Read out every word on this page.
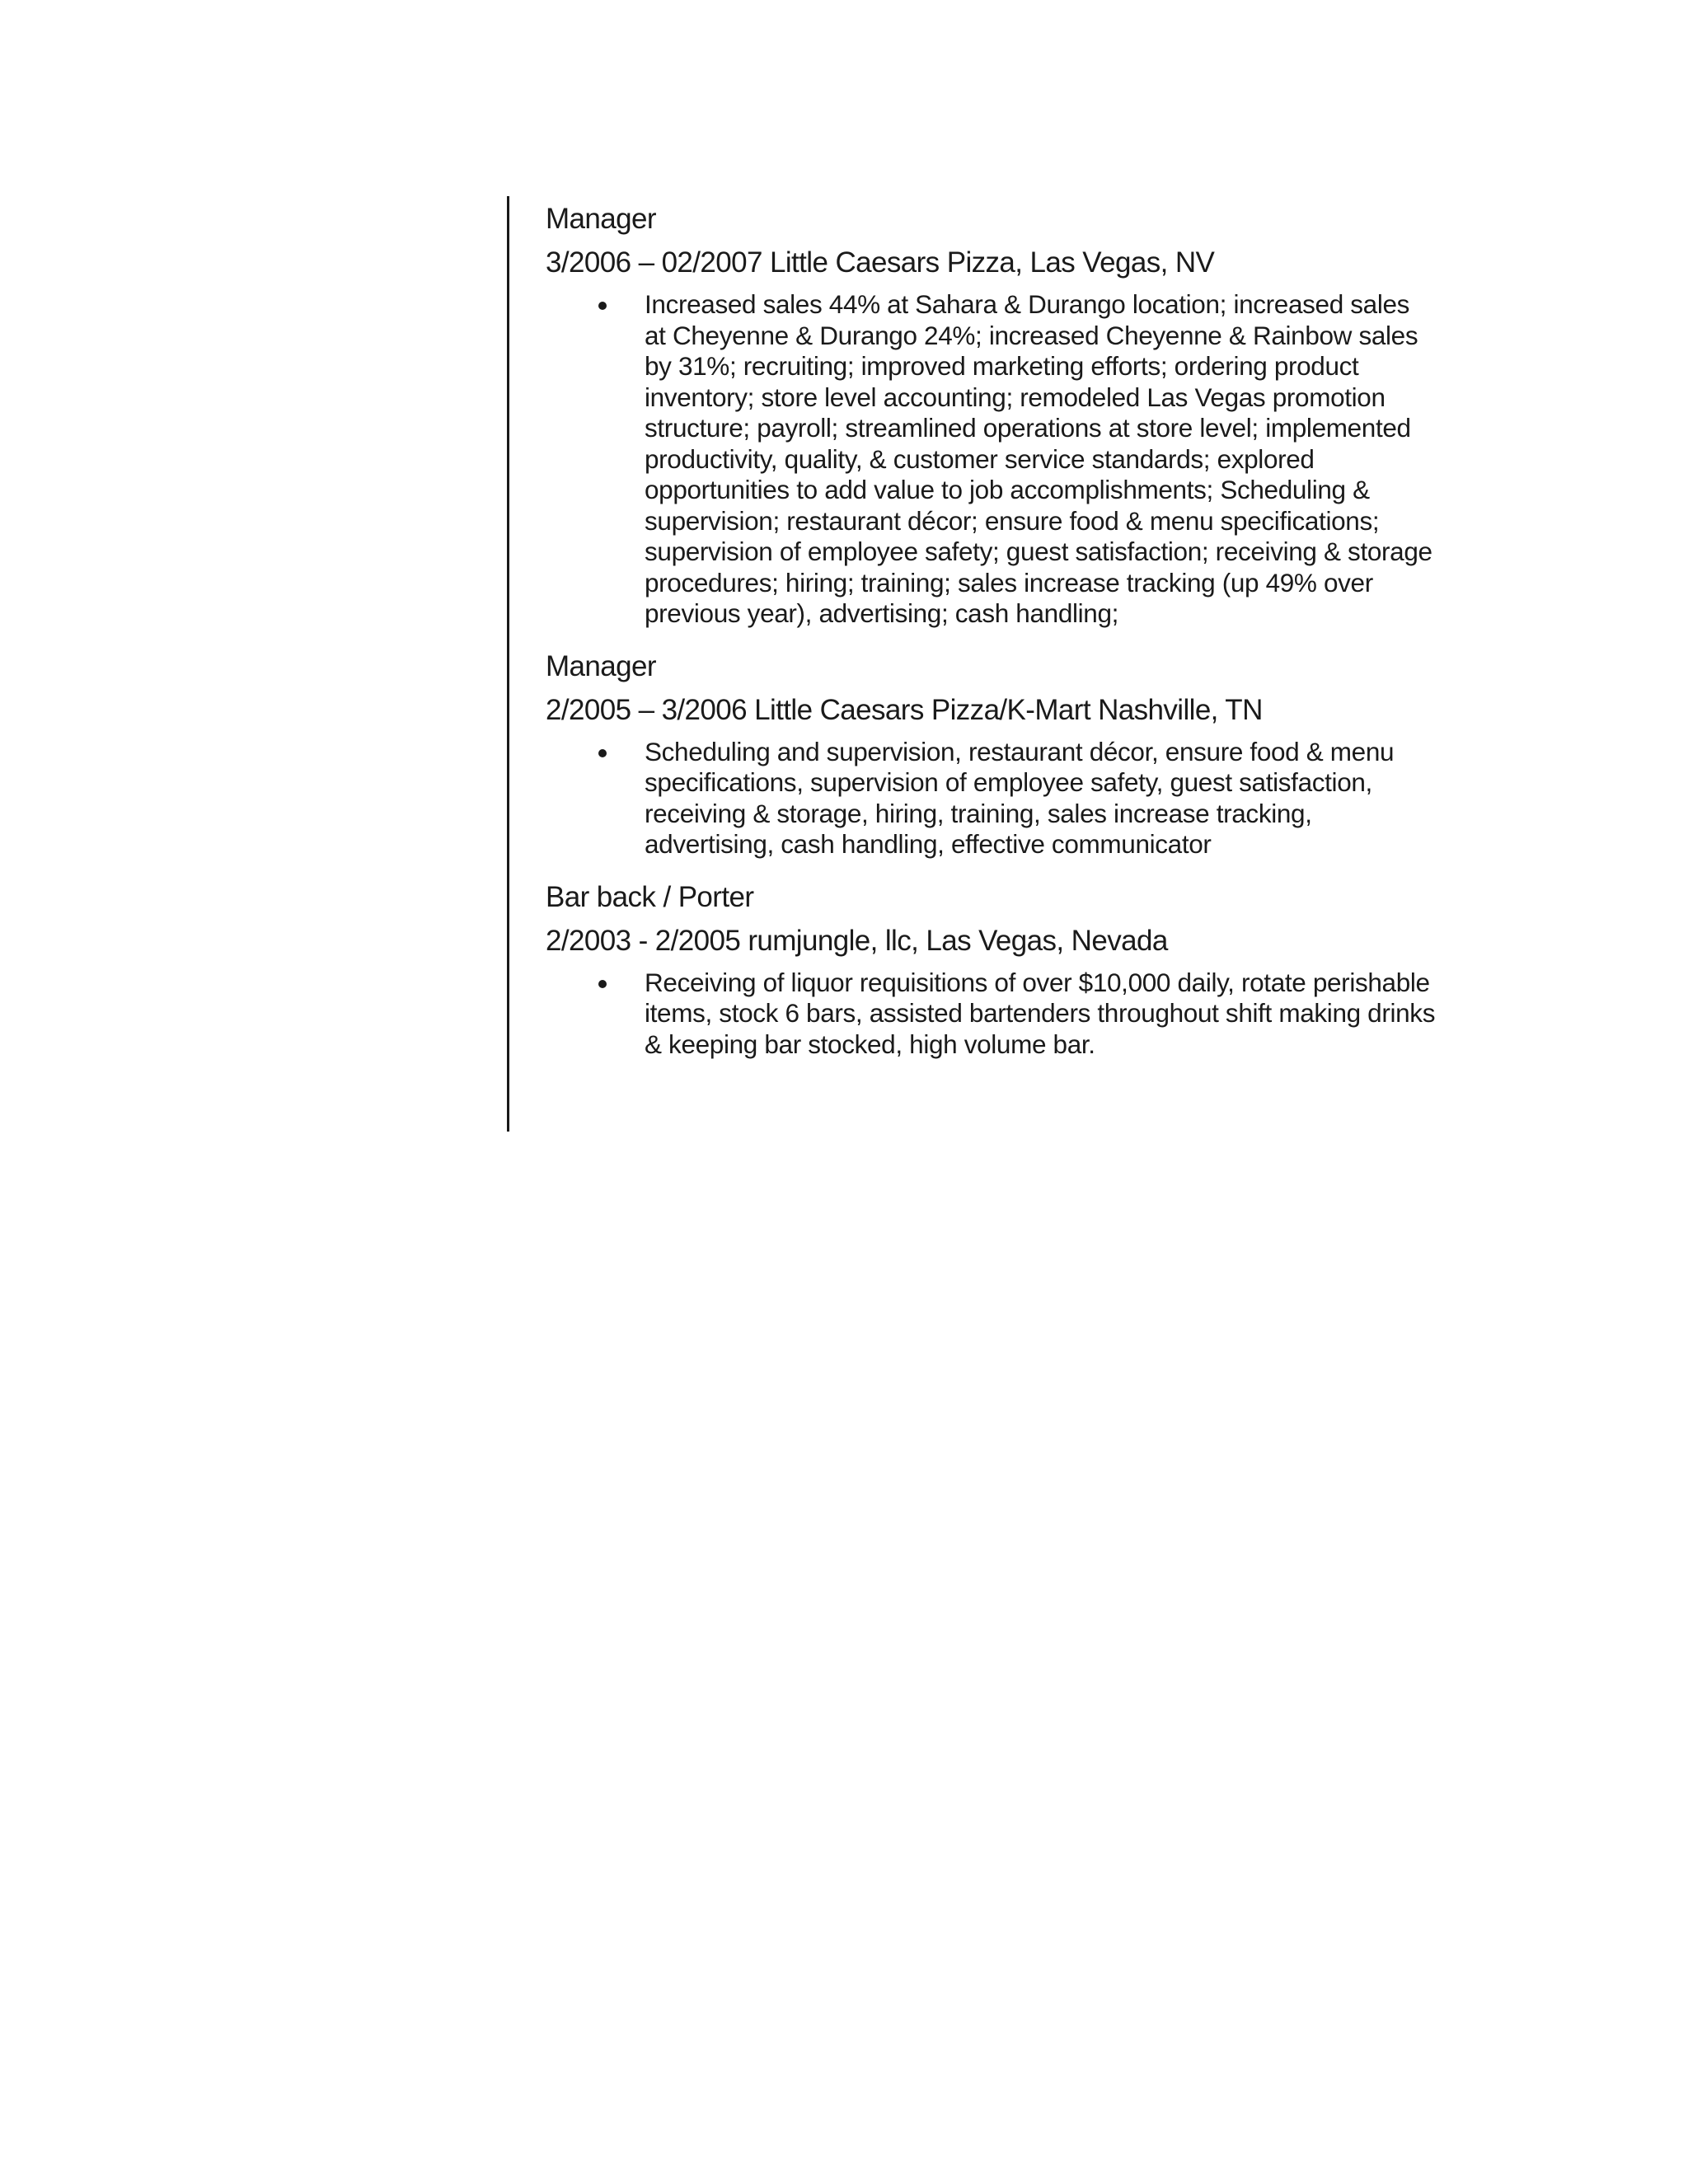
Manager
3/2006 – 02/2007 Little Caesars Pizza, Las Vegas, NV
Increased sales 44% at Sahara & Durango location; increased sales at Cheyenne & Durango 24%; increased Cheyenne & Rainbow sales by 31%; recruiting; improved marketing efforts; ordering product inventory; store level accounting; remodeled Las Vegas promotion structure; payroll; streamlined operations at store level; implemented productivity, quality, & customer service standards; explored opportunities to add value to job accomplishments; Scheduling & supervision; restaurant décor; ensure food & menu specifications; supervision of employee safety; guest satisfaction; receiving & storage procedures; hiring; training; sales increase tracking (up 49% over previous year), advertising; cash handling;
Manager
2/2005 – 3/2006 Little Caesars Pizza/K-Mart Nashville, TN
Scheduling and supervision, restaurant décor, ensure food & menu specifications, supervision of employee safety, guest satisfaction, receiving & storage, hiring, training, sales increase tracking, advertising, cash handling, effective communicator
Bar back / Porter
2/2003 - 2/2005 rumjungle, llc, Las Vegas, Nevada
Receiving of liquor requisitions of over $10,000 daily, rotate perishable items, stock 6 bars, assisted bartenders throughout shift making drinks & keeping bar stocked, high volume bar.
